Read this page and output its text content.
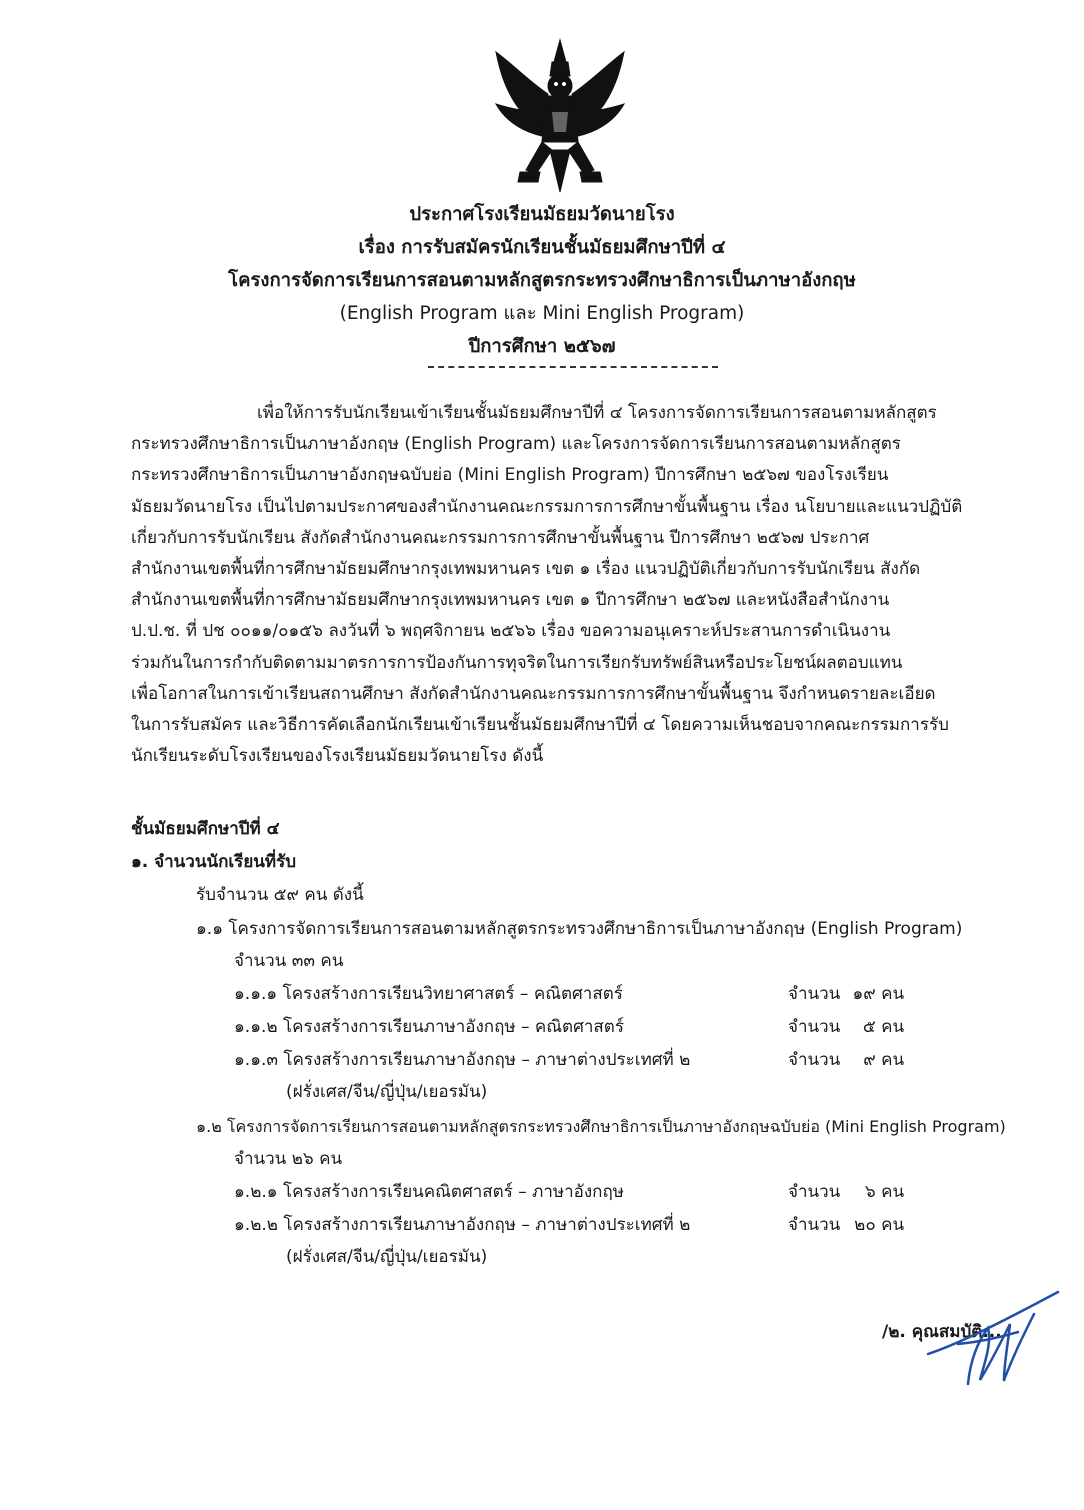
ประกาศโรงเรียนมัธยมวัดนายโรง
เรื่อง การรับสมัครนักเรียนชั้นมัธยมศึกษาปีที่ ๔
โครงการจัดการเรียนการสอนตามหลักสูตรกระทรวงศึกษาธิการเป็นภาษาอังกฤษ
(English Program และ Mini English Program)
ปีการศึกษา ๒๕๖๗
เพื่อให้การรับนักเรียนเข้าเรียนชั้นมัธยมศึกษาปีที่ ๔ โครงการจัดการเรียนการสอนตามหลักสูตร
กระทรวงศึกษาธิการเป็นภาษาอังกฤษ (English Program) และโครงการจัดการเรียนการสอนตามหลักสูตร
กระทรวงศึกษาธิการเป็นภาษาอังกฤษฉบับย่อ (Mini English Program) ปีการศึกษา ๒๕๖๗ ของโรงเรียน
มัธยมวัดนายโรง เป็นไปตามประกาศของสำนักงานคณะกรรมการการศึกษาขั้นพื้นฐาน เรื่อง นโยบายและแนวปฏิบัติ
เกี่ยวกับการรับนักเรียน สังกัดสำนักงานคณะกรรมการการศึกษาขั้นพื้นฐาน ปีการศึกษา ๒๕๖๗ ประกาศ
สำนักงานเขตพื้นที่การศึกษามัธยมศึกษากรุงเทพมหานคร เขต ๑ เรื่อง แนวปฏิบัติเกี่ยวกับการรับนักเรียน สังกัด
สำนักงานเขตพื้นที่การศึกษามัธยมศึกษากรุงเทพมหานคร เขต ๑ ปีการศึกษา ๒๕๖๗ และหนังสือสำนักงาน
ป.ป.ช. ที่ ปช ๐๐๑๑/๐๑๕๖ ลงวันที่ ๖ พฤศจิกายน ๒๕๖๖ เรื่อง ขอความอนุเคราะห์ประสานการดำเนินงาน
ร่วมกันในการกำกับติดตามมาตรการการป้องกันการทุจริตในการเรียกรับทรัพย์สินหรือประโยชน์ผลตอบแทน
เพื่อโอกาสในการเข้าเรียนสถานศึกษา สังกัดสำนักงานคณะกรรมการการศึกษาขั้นพื้นฐาน จึงกำหนดรายละเอียด
ในการรับสมัคร และวิธีการคัดเลือกนักเรียนเข้าเรียนชั้นมัธยมศึกษาปีที่ ๔ โดยความเห็นชอบจากคณะกรรมการรับ
นักเรียนระดับโรงเรียนของโรงเรียนมัธยมวัดนายโรง ดังนี้
ชั้นมัธยมศึกษาปีที่ ๔
๑. จำนวนนักเรียนที่รับ
รับจำนวน ๕๙ คน ดังนี้
๑.๑ โครงการจัดการเรียนการสอนตามหลักสูตรกระทรวงศึกษาธิการเป็นภาษาอังกฤษ (English Program)
จำนวน ๓๓ คน
๑.๑.๑ โครงสร้างการเรียนวิทยาศาสตร์ – คณิตศาสตร์	จำนวน ๑๙ คน
๑.๑.๒ โครงสร้างการเรียนภาษาอังกฤษ – คณิตศาสตร์	จำนวน ๕ คน
๑.๑.๓ โครงสร้างการเรียนภาษาอังกฤษ – ภาษาต่างประเทศที่ ๒	จำนวน ๙ คน
(ฝรั่งเศส/จีน/ญี่ปุ่น/เยอรมัน)
๑.๒ โครงการจัดการเรียนการสอนตามหลักสูตรกระทรวงศึกษาธิการเป็นภาษาอังกฤษฉบับย่อ (Mini English Program)
จำนวน ๒๖ คน
๑.๒.๑ โครงสร้างการเรียนคณิตศาสตร์ – ภาษาอังกฤษ	จำนวน ๖ คน
๑.๒.๒ โครงสร้างการเรียนภาษาอังกฤษ – ภาษาต่างประเทศที่ ๒	จำนวน ๒๐ คน
(ฝรั่งเศส/จีน/ญี่ปุ่น/เยอรมัน)
/๒. คุณสมบัติ...
